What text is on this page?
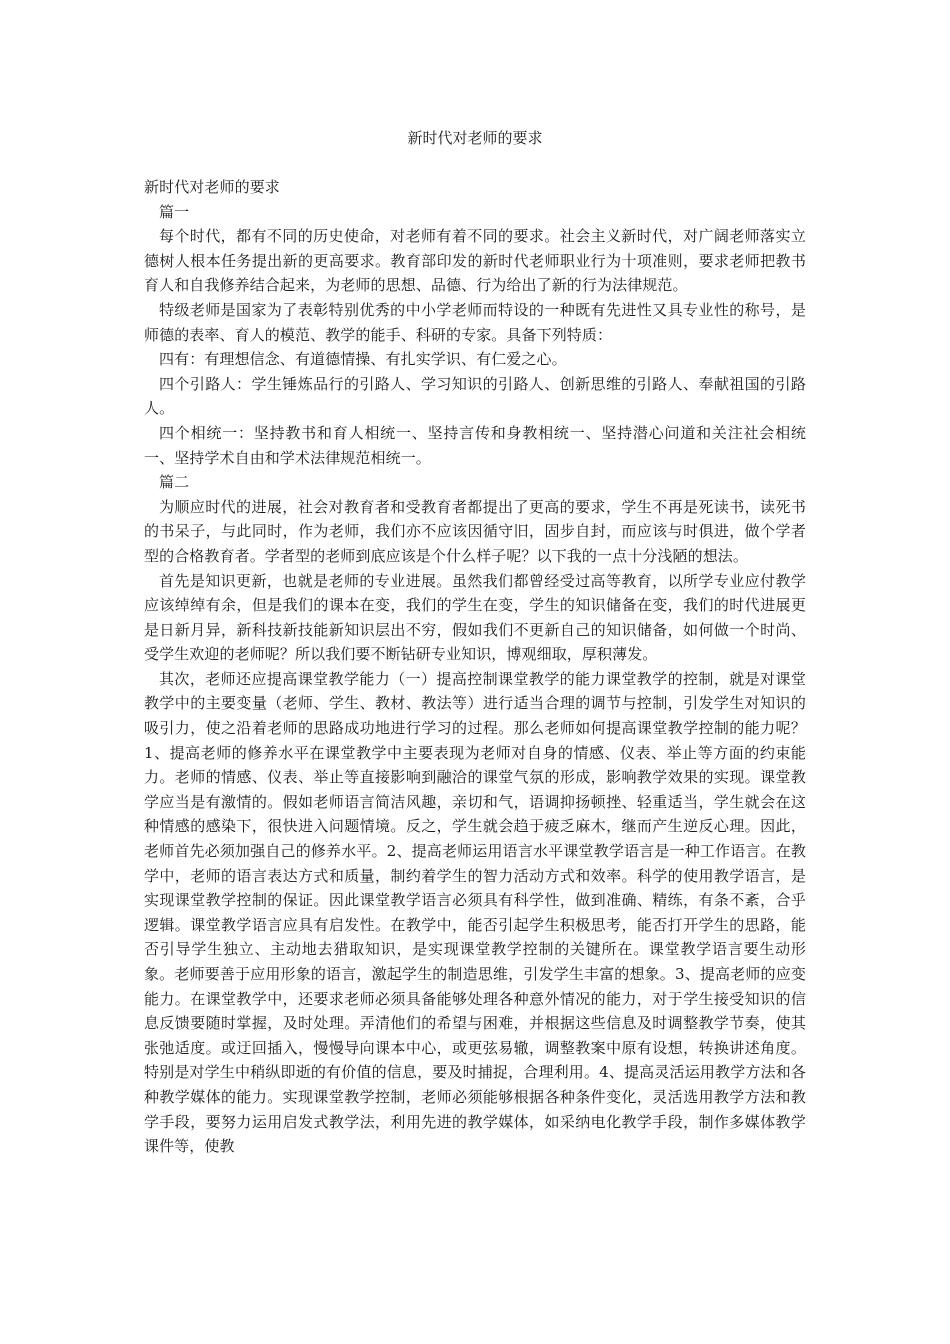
新时代对老师的要求

新时代对老师的要求

篇一

每个时代，都有不同的历史使命，对老师有着不同的要求。社会主义新时代，对广阔老师落实立德树人根本任务提出新的更高要求。教育部印发的新时代老师职业行为十项准则，要求老师把教书育人和自我修养结合起来，为老师的思想、品德、行为给出了新的行为法律规范。

特级老师是国家为了表彰特别优秀的中小学老师而特设的一种既有先进性又具专业性的称号，是师德的表率、育人的模范、教学的能手、科研的专家。具备下列特质：

四有：有理想信念、有道德情操、有扎实学识、有仁爱之心。

四个引路人：学生锤炼品行的引路人、学习知识的引路人、创新思维的引路人、奉献祖国的引路人。

四个相统一：坚持教书和育人相统一、坚持言传和身教相统一、坚持潜心问道和关注社会相统一、坚持学术自由和学术法律规范相统一。

篇二

为顺应时代的进展，社会对教育者和受教育者都提出了更高的要求，学生不再是死读书，读死书的书呆子，与此同时，作为老师，我们亦不应该因循守旧，固步自封，而应该与时俱进，做个学者型的合格教育者。学者型的老师到底应该是个什么样子呢？以下我的一点十分浅陋的想法。

首先是知识更新，也就是老师的专业进展。虽然我们都曾经受过高等教育，以所学专业应付教学应该绰绰有余，但是我们的课本在变，我们的学生在变，学生的知识储备在变，我们的时代进展更是日新月异，新科技新技能新知识层出不穷，假如我们不更新自己的知识储备，如何做一个时尚、受学生欢迎的老师呢？所以我们要不断钻研专业知识，博观细取，厚积薄发。

其次，老师还应提高课堂教学能力（一）提高控制课堂教学的能力课堂教学的控制，就是对课堂教学中的主要变量（老师、学生、教材、教法等）进行适当合理的调节与控制，引发学生对知识的吸引力，使之沿着老师的思路成功地进行学习的过程。那么老师如何提高课堂教学控制的能力呢？1、提高老师的修养水平在课堂教学中主要表现为老师对自身的情感、仪表、举止等方面的约束能力。老师的情感、仪表、举止等直接影响到融洽的课堂气氛的形成，影响教学效果的实现。课堂教学应当是有激情的。假如老师语言简洁风趣，亲切和气，语调抑扬顿挫、轻重适当，学生就会在这种情感的感染下，很快进入问题情境。反之，学生就会趋于疲乏麻木，继而产生逆反心理。因此，老师首先必须加强自己的修养水平。2、提高老师运用语言水平课堂教学语言是一种工作语言。在教学中，老师的语言表达方式和质量，制约着学生的智力活动方式和效率。科学的使用教学语言，是实现课堂教学控制的保证。因此课堂教学语言必须具有科学性，做到准确、精练，有条不紊，合乎逻辑。课堂教学语言应具有启发性。在教学中，能否引起学生积极思考，能否打开学生的思路，能否引导学生独立、主动地去猎取知识，是实现课堂教学控制的关键所在。课堂教学语言要生动形象。老师要善于应用形象的语言，激起学生的制造思维，引发学生丰富的想象。3、提高老师的应变能力。在课堂教学中，还要求老师必须具备能够处理各种意外情况的能力，对于学生接受知识的信息反馈要随时掌握，及时处理。弄清他们的希望与困难，并根据这些信息及时调整教学节奏，使其张弛适度。或迂回插入，慢慢导向课本中心，或更弦易辙，调整教案中原有设想，转换讲述角度。特别是对学生中稍纵即逝的有价值的信息，要及时捕捉，合理利用。4、提高灵活运用教学方法和各种教学媒体的能力。实现课堂教学控制，老师必须能够根据各种条件变化，灵活选用教学方法和教学手段，要努力运用启发式教学法，利用先进的教学媒体，如采纳电化教学手段，制作多媒体教学课件等，使教
